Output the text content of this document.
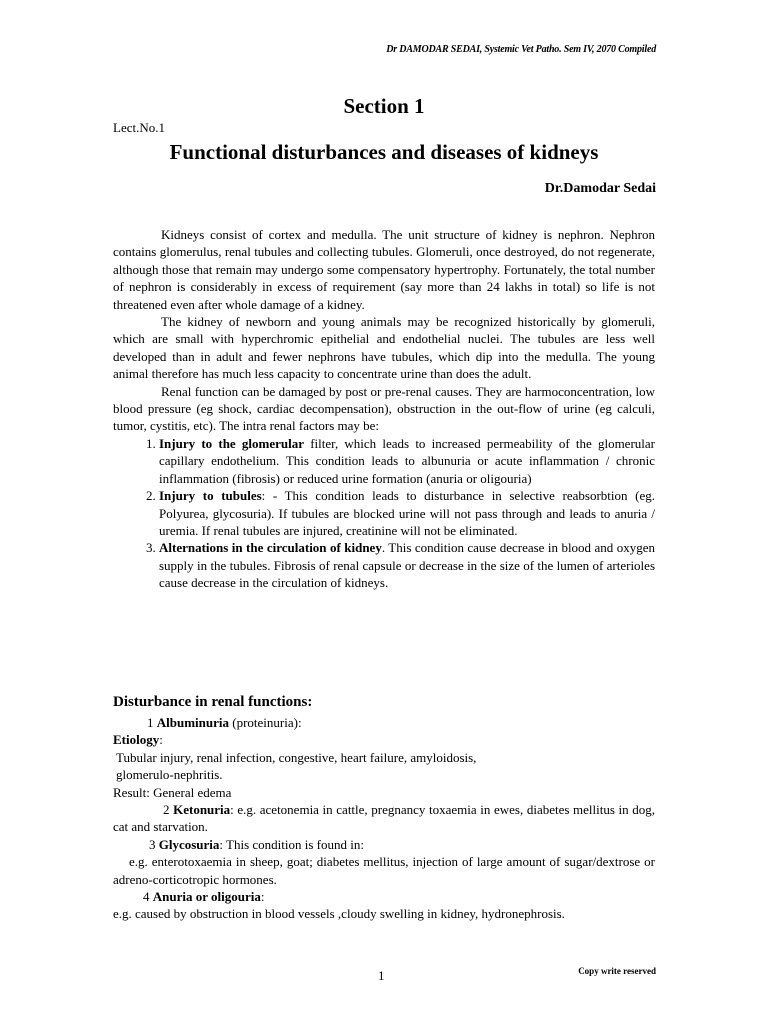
Dr DAMODAR SEDAI, Systemic Vet Patho. Sem IV, 2070 Compiled
Section 1
Lect.No.1
Functional disturbances and diseases of kidneys
Dr.Damodar Sedai

Kidneys consist of cortex and medulla. The unit structure of kidney is nephron. Nephron contains glomerulus, renal tubules and collecting tubules. Glomeruli, once destroyed, do not regenerate, although those that remain may undergo some compensatory hypertrophy. Fortunately, the total number of nephron is considerably in excess of requirement (say more than 24 lakhs in total) so life is not threatened even after whole damage of a kidney.

The kidney of newborn and young animals may be recognized historically by glomeruli, which are small with hyperchromic epithelial and endothelial nuclei. The tubules are less well developed than in adult and fewer nephrons have tubules, which dip into the medulla. The young animal therefore has much less capacity to concentrate urine than does the adult.

Renal function can be damaged by post or pre-renal causes. They are harmoconcentration, low blood pressure (eg shock, cardiac decompensation), obstruction in the out-flow of urine (eg calculi, tumor, cystitis, etc). The intra renal factors may be:

1. Injury to the glomerular filter, which leads to increased permeability of the glomerular capillary endothelium. This condition leads to albunuria or acute inflammation / chronic inflammation (fibrosis) or reduced urine formation (anuria or oligouria)
2. Injury to tubules: - This condition leads to disturbance in selective reabsorbtion (eg. Polyurea, glycosuria). If tubules are blocked urine will not pass through and leads to anuria / uremia. If renal tubules are injured, creatinine will not be eliminated.
3. Alternations in the circulation of kidney. This condition cause decrease in blood and oxygen supply in the tubules. Fibrosis of renal capsule or decrease in the size of the lumen of arterioles cause decrease in the circulation of kidneys.
Disturbance in renal functions:
1 Albuminuria (proteinuria):
Etiology:
Tubular injury, renal infection, congestive, heart failure, amyloidosis,
glomerulo-nephritis.
Result: General edema
2 Ketonuria: e.g. acetonemia in cattle, pregnancy toxaemia in ewes, diabetes mellitus in dog, cat and starvation.
3 Glycosuria: This condition is found in:
e.g. enterotoxaemia in sheep, goat; diabetes mellitus, injection of large amount of sugar/dextrose or adreno-corticotropic hormones.
4 Anuria or oligouria:
e.g. caused by obstruction in blood vessels ,cloudy swelling in kidney, hydronephrosis.
1	Copy write reserved
